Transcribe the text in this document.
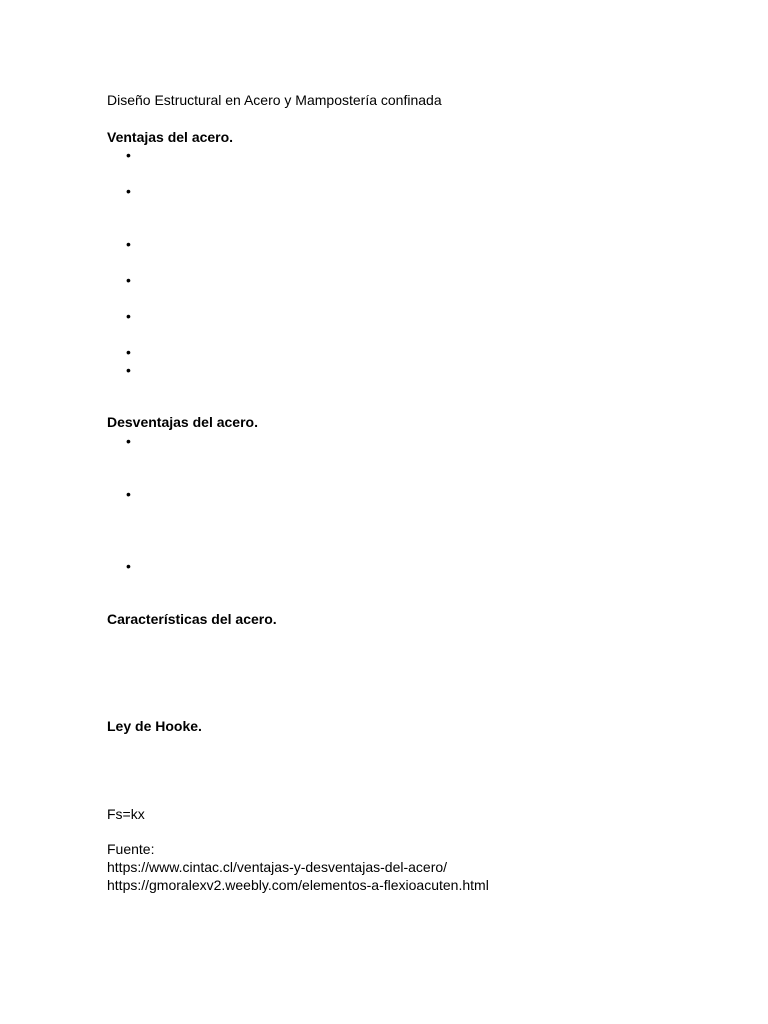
Diseño Estructural en Acero y Mampostería confinada
Ventajas del acero.
•
•
•
•
•
•
•
Desventajas del acero.
•
•
•
Características del acero.
Ley de Hooke.
Fs=kx
Fuente:
https://www.cintac.cl/ventajas-y-desventajas-del-acero/
https://gmoralexv2.weebly.com/elementos-a-flexioacuten.html
